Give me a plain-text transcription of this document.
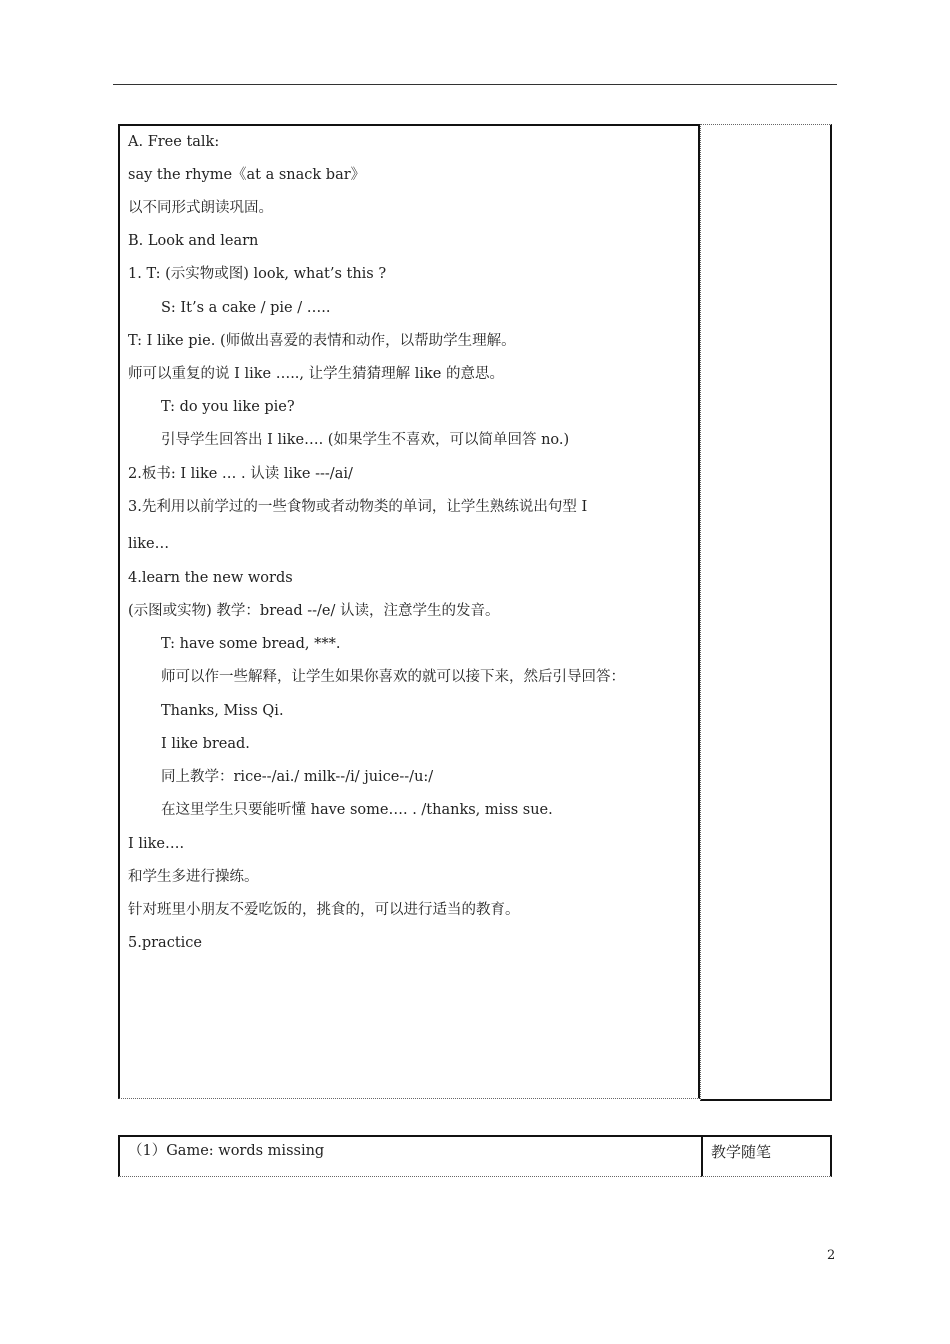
A. Free talk:
say the rhyme《at a snack bar》
以不同形式朗读巩固。
B. Look and learn
1. T: (示实物或图) look, what’s this ?
S: It’s a cake / pie / …..
T: I like pie. (师做出喜爱的表情和动作，以帮助学生理解。
师可以重复的说 I like ….., 让学生猜猜理解 like 的意思。
T: do you like pie?
引导学生回答出 I like…. (如果学生不喜欢，可以简单回答 no.)
2.板书: I like … . 认读 like ---/ai/
3.先利用以前学过的一些食物或者动物类的单词，让学生熟练说出句型 I
like…
4.learn the new words
(示图或实物) 教学：bread --/e/ 认读，注意学生的发音。
T: have some bread, ***.
师可以作一些解释，让学生如果你喜欢的就可以接下来，然后引导回答：
Thanks, Miss Qi.
I like bread.
同上教学：rice--/ai./ milk--/i/ juice--/u:/
在这里学生只要能听懂 have some…. . /thanks, miss sue.
I like….
和学生多进行操练。
针对班里小朋友不爱吃饭的，挑食的，可以进行适当的教育。
5.practice
（1）Game: words missing	教学随笔
2
